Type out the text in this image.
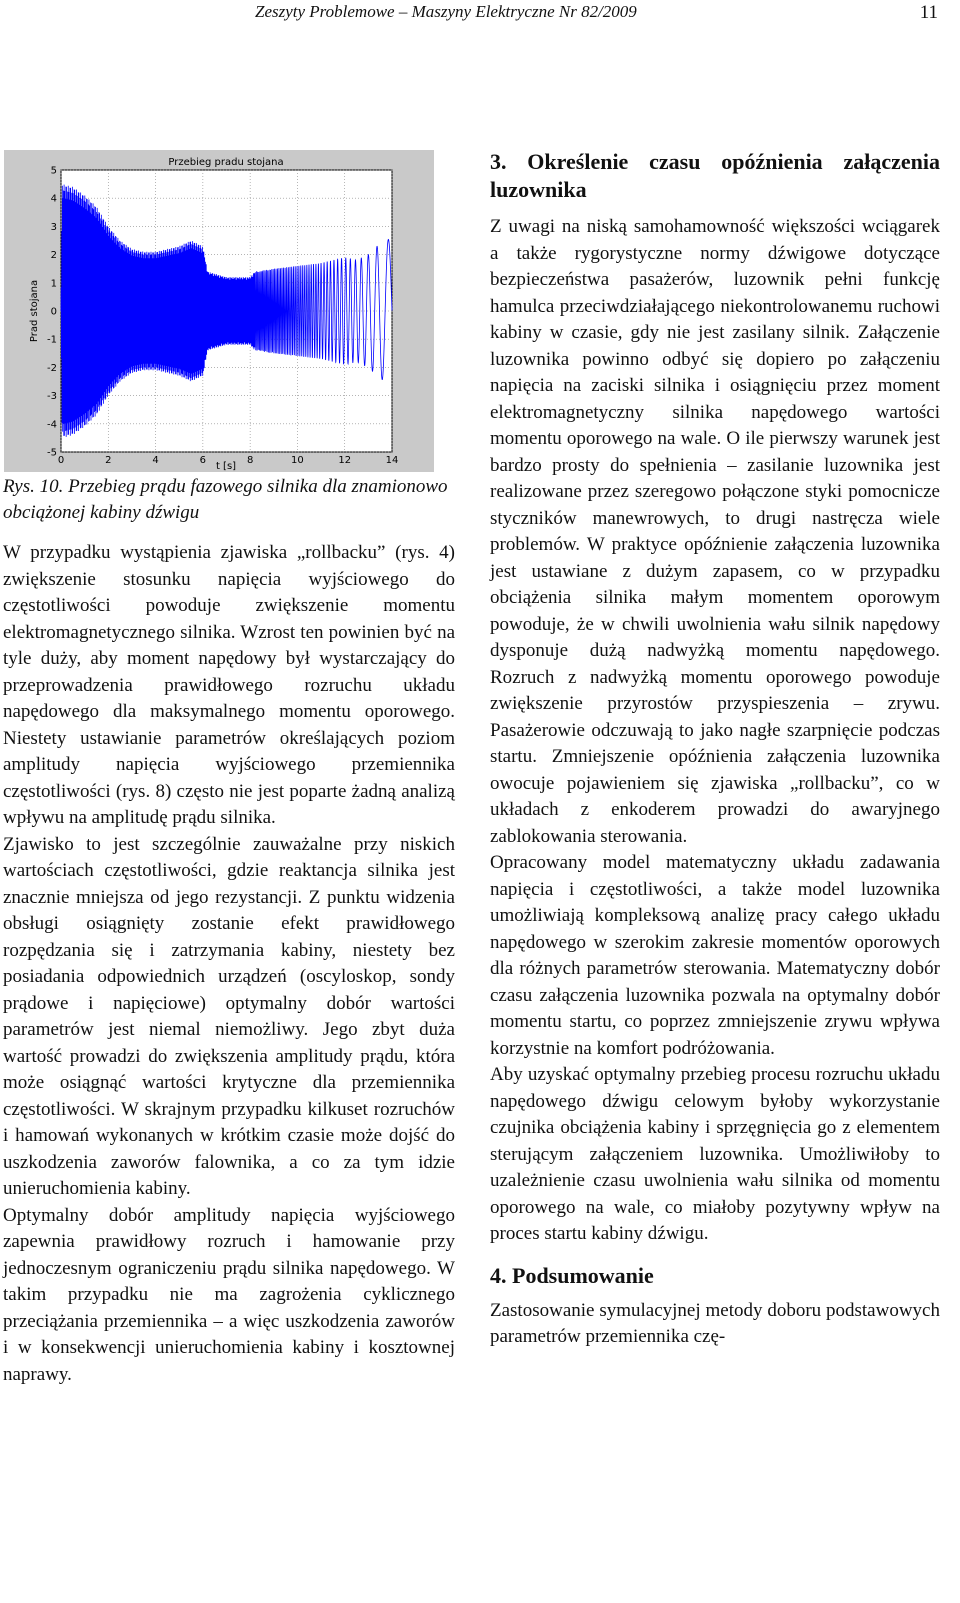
Zeszyty Problemowe – Maszyny Elektryczne Nr 82/2009	11
0	2	4	6	8	10	12	14
-5
-4
-3
-2
-1
0
1
2
3
4
5
Przebieg pradu stojana
t [s]
Prad stojana

Rys. 10. Przebieg prądu fazowego silnika dla znamionowo obciążonej kabiny dźwigu

W przypadku wystąpienia zjawiska „rollbacku” (rys. 4) zwiększenie stosunku napięcia wyjściowego do częstotliwości powoduje zwiększenie momentu elektromagnetycznego silnika. Wzrost ten powinien być na tyle duży, aby moment napędowy był wystarczający do przeprowadzenia prawidłowego rozruchu układu napędowego dla maksymalnego momentu oporowego. Niestety ustawianie parametrów określających poziom amplitudy napięcia wyjściowego przemiennika częstotliwości (rys. 8) często nie jest poparte żadną analizą wpływu na amplitudę prądu silnika.

Zjawisko to jest szczególnie zauważalne przy niskich wartościach częstotliwości, gdzie reaktancja silnika jest znacznie mniejsza od jego rezystancji. Z punktu widzenia obsługi osiągnięty zostanie efekt prawidłowego rozpędzania się i zatrzymania kabiny, niestety bez posiadania odpowiednich urządzeń (oscyloskop, sondy prądowe i napięciowe) optymalny dobór wartości parametrów jest niemal niemożliwy. Jego zbyt duża wartość prowadzi do zwiększenia amplitudy prądu, która może osiągnąć wartości krytyczne dla przemiennika częstotliwości. W skrajnym przypadku kilkuset rozruchów i hamowań wykonanych w krótkim czasie może dojść do uszkodzenia zaworów falownika, a co za tym idzie unieruchomienia kabiny.

Optymalny dobór amplitudy napięcia wyjściowego zapewnia prawidłowy rozruch i hamowanie przy jednoczesnym ograniczeniu prądu silnika napędowego. W takim przypadku nie ma zagrożenia cyklicznego przeciążania przemiennika – a więc uszkodzenia zaworów i w konsekwencji unieruchomienia kabiny i kosztownej naprawy.

3. Określenie czasu opóźnienia załączenia luzownika

Z uwagi na niską samohamowność większości wciągarek a także rygorystyczne normy dźwigowe dotyczące bezpieczeństwa pasażerów, luzownik pełni funkcję hamulca przeciwdziałającego niekontrolowanemu ruchowi kabiny w czasie, gdy nie jest zasilany silnik. Załączenie luzownika powinno odbyć się dopiero po załączeniu napięcia na zaciski silnika i osiągnięciu przez moment elektromagnetyczny silnika napędowego wartości momentu oporowego na wale. O ile pierwszy warunek jest bardzo prosty do spełnienia – zasilanie luzownika jest realizowane przez szeregowo połączone styki pomocnicze styczników manewrowych, to drugi nastręcza wiele problemów. W praktyce opóźnienie załączenia luzownika jest ustawiane z dużym zapasem, co w przypadku obciążenia silnika małym momentem oporowym powoduje, że w chwili uwolnienia wału silnik napędowy dysponuje dużą nadwyżką momentu napędowego. Rozruch z nadwyżką momentu oporowego powoduje zwiększenie przyrostów przyspieszenia – zrywu. Pasażerowie odczuwają to jako nagłe szarpnięcie podczas startu. Zmniejszenie opóźnienia załączenia luzownika owocuje pojawieniem się zjawiska „rollbacku”, co w układach z enkoderem prowadzi do awaryjnego zablokowania sterowania.

Opracowany model matematyczny układu zadawania napięcia i częstotliwości, a także model luzownika umożliwiają kompleksową analizę pracy całego układu napędowego w szerokim zakresie momentów oporowych dla różnych parametrów sterowania. Matematyczny dobór czasu załączenia luzownika pozwala na optymalny dobór momentu startu, co poprzez zmniejszenie zrywu wpływa korzystnie na komfort podróżowania.

Aby uzyskać optymalny przebieg procesu rozruchu układu napędowego dźwigu celowym byłoby wykorzystanie czujnika obciążenia kabiny i sprzęgnięcia go z elementem sterującym załączeniem luzownika. Umożliwiłoby to uzależnienie czasu uwolnienia wału silnika od momentu oporowego na wale, co miałoby pozytywny wpływ na proces startu kabiny dźwigu.

4. Podsumowanie

Zastosowanie symulacyjnej metody doboru podstawowych parametrów przemiennika czę-
